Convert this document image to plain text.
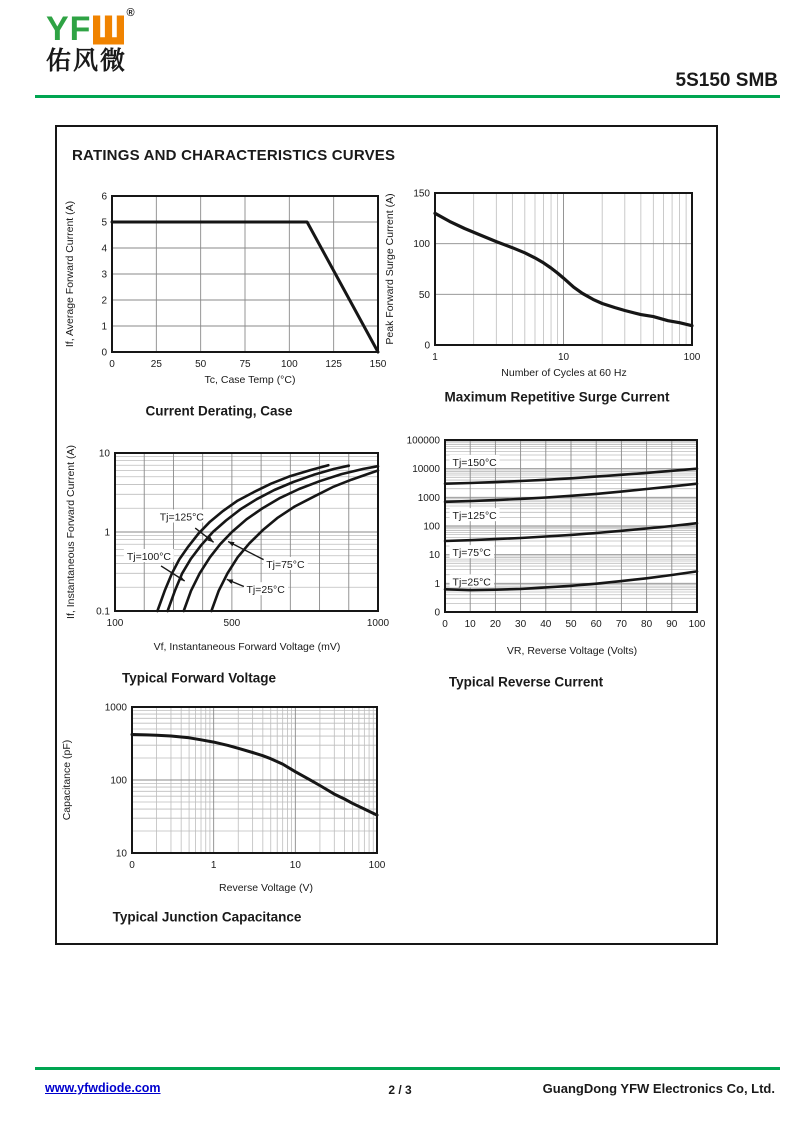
YF	®
佑风微
5S150 SMB
RATINGS AND CHARACTERISTICS CURVES
0	25	50	75	100	125	150
0
1
2
3
4
5
6
If, Average Forward Current (A)
Tc, Case Temp (°C)
Current Derating, Case
1	10	100
0
50
100
150
Peak Forward Surge Current (A)
Number of Cycles at 60 Hz
Maximum Repetitive Surge Current
100	500	1000
0.1
1
10
Tj=125°C
Tj=100°C
Tj=75°C
Tj=25°C
If, Instantaneous Forward Current (A)
Vf, Instantaneous Forward Voltage (mV)
Typical Forward Voltage
0 10 20 30 40 50 60 70 80 90 100
100000
10000
1000
100
10
1
0
Tj=150°C
Tj=125°C
Tj=75°C
Tj=25°C
VR, Reverse Voltage (Volts)
Typical Reverse Current
0	1	10	100
10
100
1000
Capacitance (pF)
Reverse Voltage (V)
Typical Junction Capacitance
www.yfwdiode.com	2 / 3	GuangDong YFW Electronics Co, Ltd.
